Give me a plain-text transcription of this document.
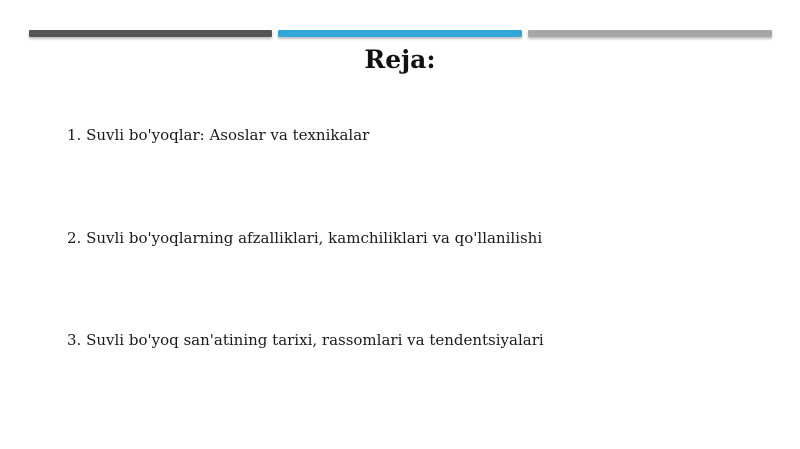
Reja:

1. Suvli bo'yoqlar: Asoslar va texnikalar

2. Suvli bo'yoqlarning afzalliklari, kamchiliklari va qo'llanilishi

3. Suvli bo'yoq san'atining tarixi, rassomlari va tendentsiyalari
